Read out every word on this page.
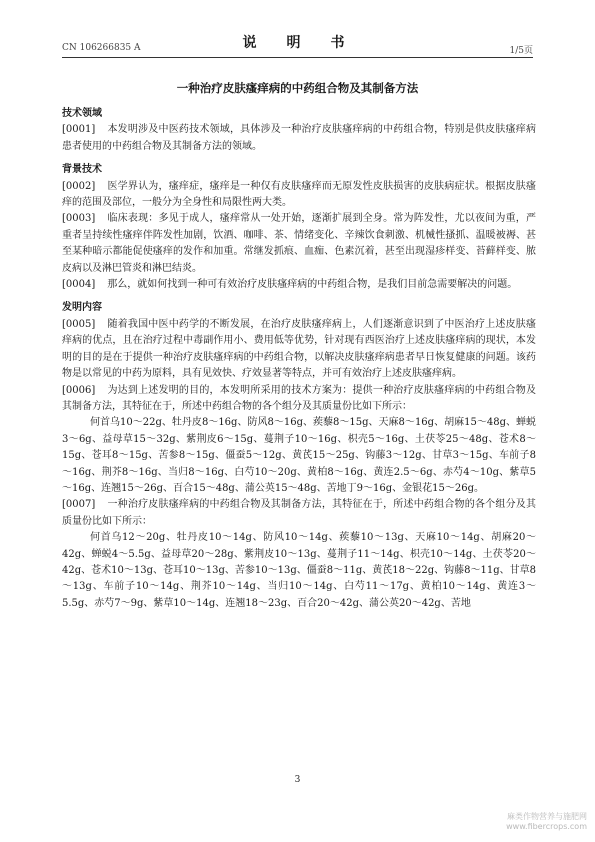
CN 106266835 A	说　明　书	1/5页
一种治疗皮肤瘙痒病的中药组合物及其制备方法
技术领域

[0001] 本发明涉及中医药技术领域，具体涉及一种治疗皮肤瘙痒病的中药组合物，特别是供皮肤瘙痒病患者使用的中药组合物及其制备方法的领域。

背景技术

[0002] 医学界认为，瘙痒症，瘙痒是一种仅有皮肤瘙痒而无原发性皮肤损害的皮肤病症状。根据皮肤瘙痒的范围及部位，一般分为全身性和局限性两大类。

[0003] 临床表现：多见于成人，瘙痒常从一处开始，逐渐扩展到全身。常为阵发性，尤以夜间为重，严重者呈持续性瘙痒伴阵发性加剧，饮酒、咖啡、茶、情绪变化、辛辣饮食刺激、机械性搔抓、温暖被褥、甚至某种暗示都能促使瘙痒的发作和加重。常继发抓痕、血痂、色素沉着，甚至出现湿疹样变、苔藓样变、脓皮病以及淋巴管炎和淋巴结炎。

[0004] 那么，就如何找到一种可有效治疗皮肤瘙痒病的中药组合物，是我们目前急需要解决的问题。

发明内容

[0005] 随着我国中医中药学的不断发展，在治疗皮肤瘙痒病上，人们逐渐意识到了中医治疗上述皮肤瘙痒病的优点，且在治疗过程中毒副作用小、费用低等优势，针对现有西医治疗上述皮肤瘙痒病的现状，本发明的目的是在于提供一种治疗皮肤瘙痒病的中药组合物，以解决皮肤瘙痒病患者早日恢复健康的问题。该药物是以常见的中药为原料，具有见效快、疗效显著等特点，并可有效治疗上述皮肤瘙痒病。

[0006] 为达到上述发明的目的，本发明所采用的技术方案为：提供一种治疗皮肤瘙痒病的中药组合物及其制备方法，其特征在于，所述中药组合物的各个组分及其质量份比如下所示：

何首乌10～22g、牡丹皮8～16g、防风8～16g、蒺藜8～15g、天麻8～16g、胡麻15～48g、蝉蜕3～6g、益母草15～32g、紫荆皮6～15g、蔓荆子10～16g、枳壳5～16g、土茯苓25～48g、苍术8～15g、苍耳8～15g、苦参8～15g、僵蚕5～12g、黄芪15～25g、钩藤3～12g、甘草3～15g、车前子8～16g、荆芥8～16g、当归8～16g、白芍10～20g、黄柏8～16g、黄连2.5～6g、赤芍4～10g、紫草5～16g、连翘15～26g、百合15～48g、蒲公英15～48g、苦地丁9～16g、金银花15～26g。

[0007] 一种治疗皮肤瘙痒病的中药组合物及其制备方法，其特征在于，所述中药组合物的各个组分及其质量份比如下所示：

何首乌12～20g、牡丹皮10～14g、防风10～14g、蒺藜10～13g、天麻10～14g、胡麻20～42g、蝉蜕4～5.5g、益母草20～28g、紫荆皮10～13g、蔓荆子11～14g、枳壳10～14g、土茯苓20～42g、苍术10～13g、苍耳10～13g、苦参10～13g、僵蚕8～11g、黄芪18～22g、钩藤8～11g、甘草8～13g、车前子10～14g、荆芥10～14g、当归10～14g、白芍11～17g、黄柏10～14g、黄连3～5.5g、赤芍7～9g、紫草10～14g、连翘18～23g、百合20～42g、蒲公英20～42g、苦地

3
麻类作物营养与施肥网
www.fibercrops.com
